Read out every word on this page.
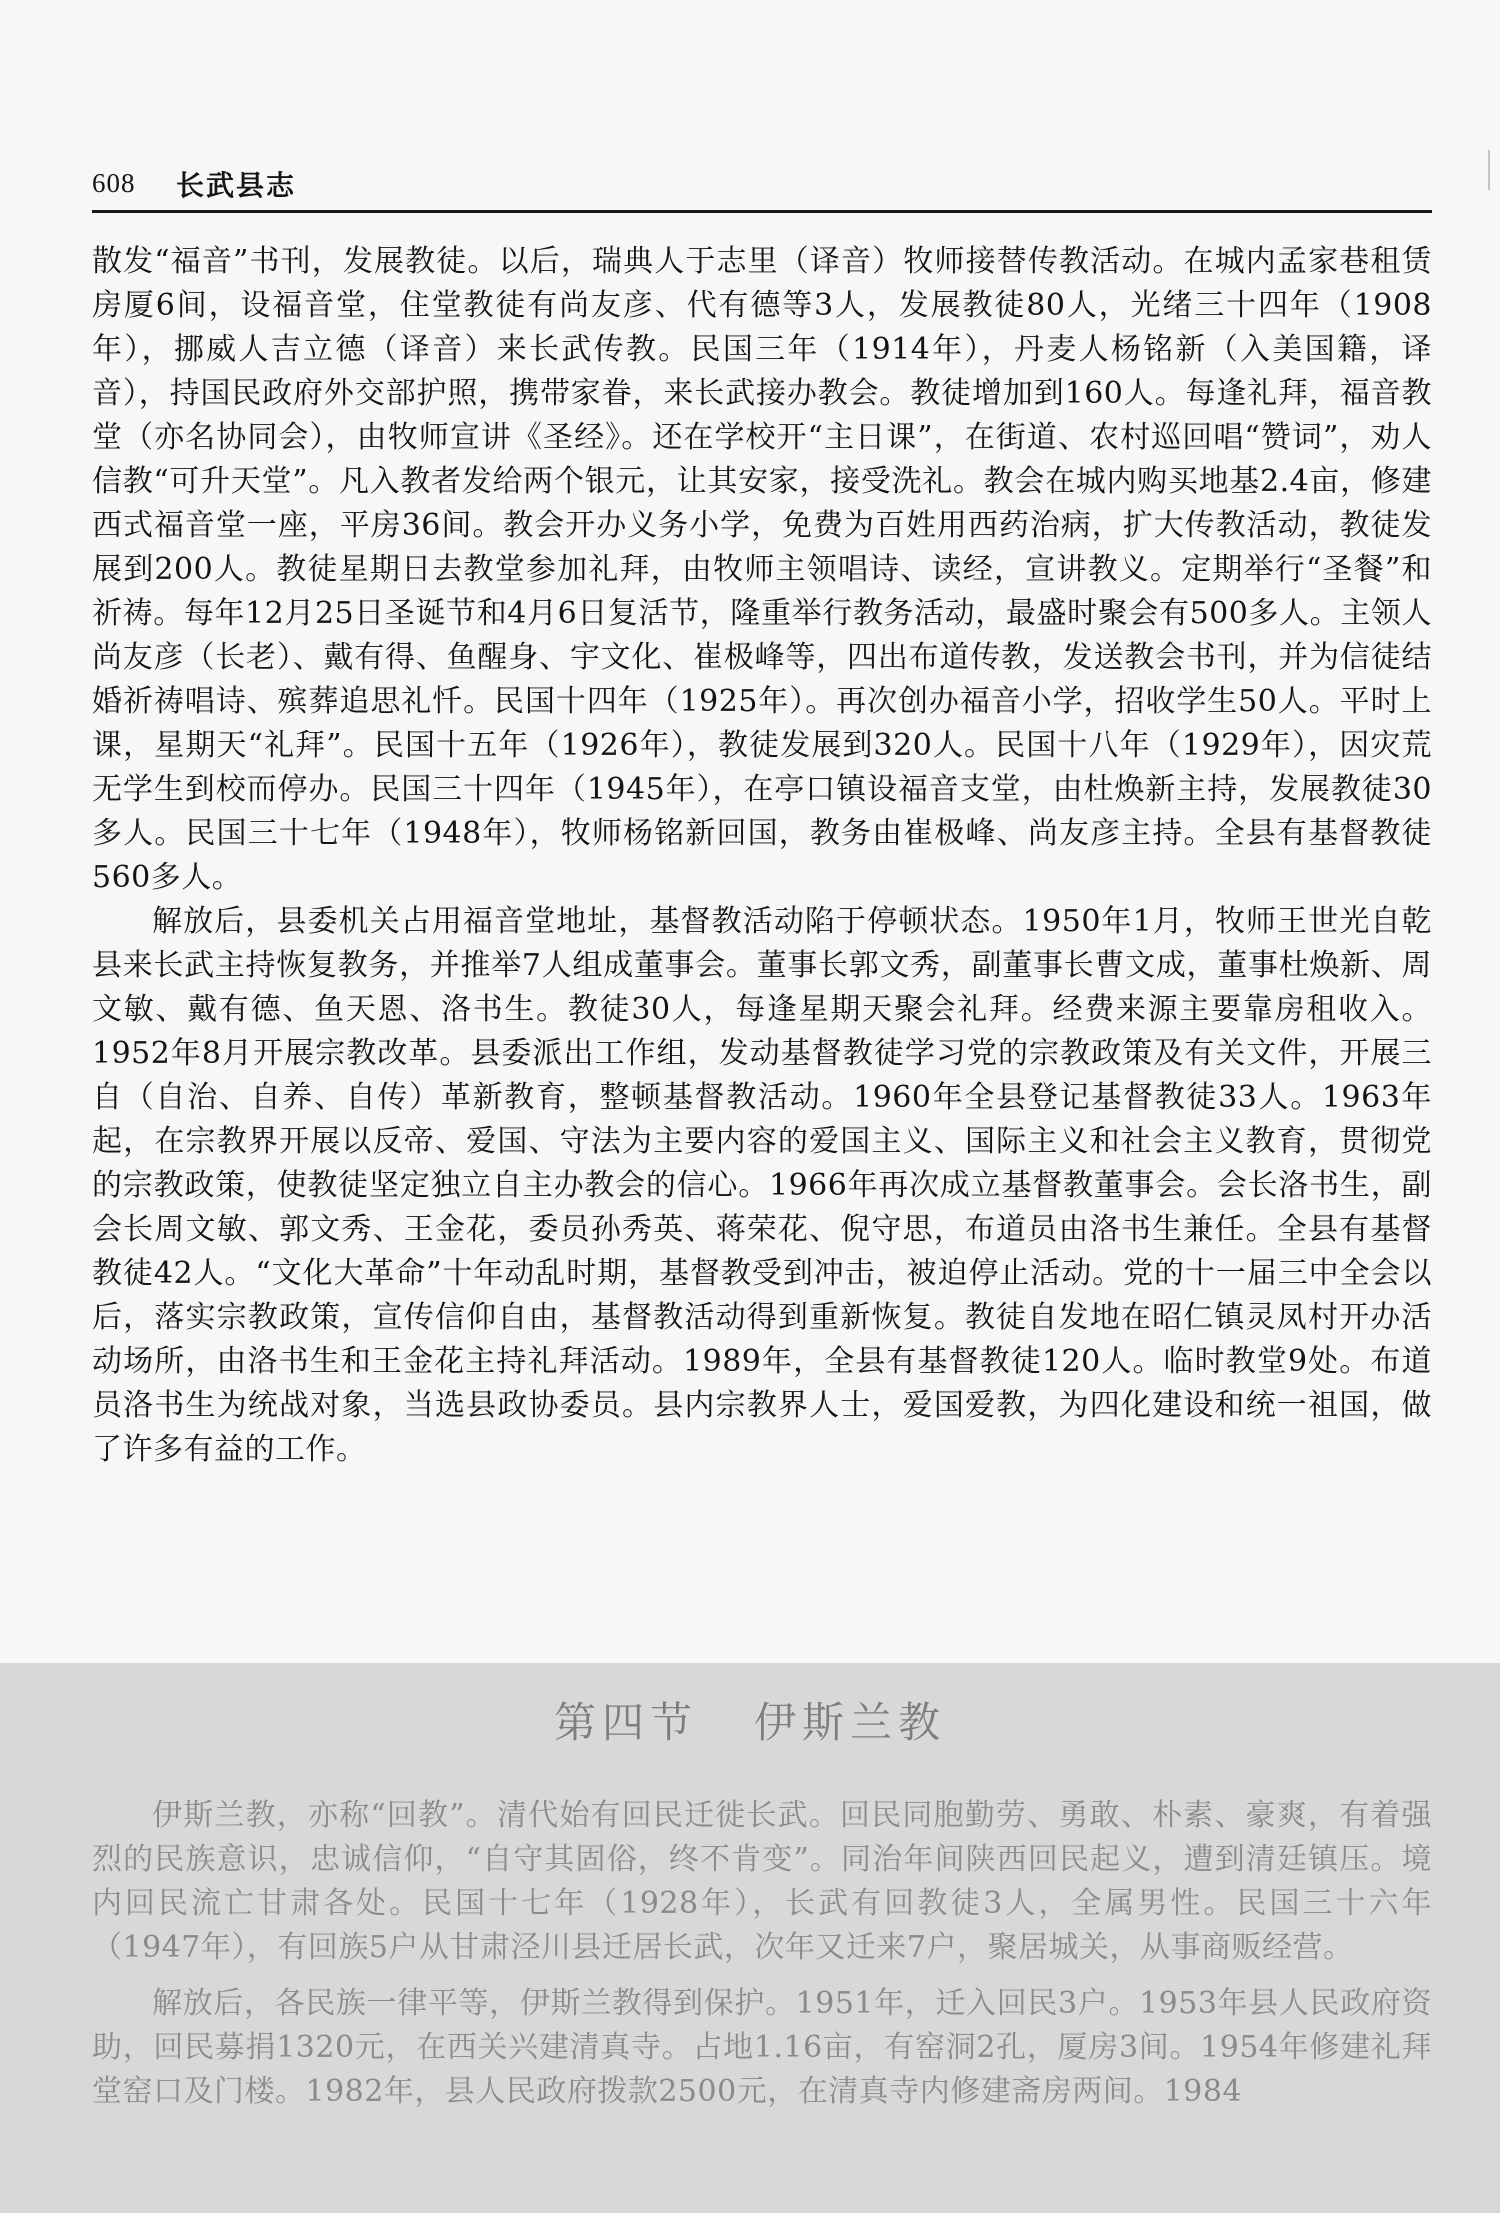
608 长武县志

散发“福音”书刊，发展教徒。以后，瑞典人于志里（译音）牧师接替传教活动。在城内孟家巷租赁房厦6间，设福音堂，住堂教徒有尚友彦、代有德等3人，发展教徒80人，光绪三十四年（1908年），挪威人吉立德（译音）来长武传教。民国三年（1914年），丹麦人杨铭新（入美国籍，译音），持国民政府外交部护照，携带家眷，来长武接办教会。教徒增加到160人。每逢礼拜，福音教堂（亦名协同会），由牧师宣讲《圣经》。还在学校开“主日课”，在街道、农村巡回唱“赞词”，劝人信教“可升天堂”。凡入教者发给两个银元，让其安家，接受洗礼。教会在城内购买地基2.4亩，修建西式福音堂一座，平房36间。教会开办义务小学，免费为百姓用西药治病，扩大传教活动，教徒发展到200人。教徒星期日去教堂参加礼拜，由牧师主领唱诗、读经，宣讲教义。定期举行“圣餐”和祈祷。每年12月25日圣诞节和4月6日复活节，隆重举行教务活动，最盛时聚会有500多人。主领人尚友彦（长老）、戴有得、鱼醒身、宇文化、崔极峰等，四出布道传教，发送教会书刊，并为信徒结婚祈祷唱诗、殡葬追思礼忏。民国十四年（1925年）。再次创办福音小学，招收学生50人。平时上课，星期天“礼拜”。民国十五年（1926年），教徒发展到320人。民国十八年（1929年），因灾荒无学生到校而停办。民国三十四年（1945年），在亭口镇设福音支堂，由杜焕新主持，发展教徒30多人。民国三十七年（1948年），牧师杨铭新回国，教务由崔极峰、尚友彦主持。全县有基督教徒560多人。

解放后，县委机关占用福音堂地址，基督教活动陷于停顿状态。1950年1月，牧师王世光自乾县来长武主持恢复教务，并推举7人组成董事会。董事长郭文秀，副董事长曹文成，董事杜焕新、周文敏、戴有德、鱼天恩、洛书生。教徒30人，每逢星期天聚会礼拜。经费来源主要靠房租收入。1952年8月开展宗教改革。县委派出工作组，发动基督教徒学习党的宗教政策及有关文件，开展三自（自治、自养、自传）革新教育，整顿基督教活动。1960年全县登记基督教徒33人。1963年起，在宗教界开展以反帝、爱国、守法为主要内容的爱国主义、国际主义和社会主义教育，贯彻党的宗教政策，使教徒坚定独立自主办教会的信心。1966年再次成立基督教董事会。会长洛书生，副会长周文敏、郭文秀、王金花，委员孙秀英、蒋荣花、倪守思，布道员由洛书生兼任。全县有基督教徒42人。“文化大革命”十年动乱时期，基督教受到冲击，被迫停止活动。党的十一届三中全会以后，落实宗教政策，宣传信仰自由，基督教活动得到重新恢复。教徒自发地在昭仁镇灵凤村开办活动场所，由洛书生和王金花主持礼拜活动。1989年，全县有基督教徒120人。临时教堂9处。布道员洛书生为统战对象，当选县政协委员。县内宗教界人士，爱国爱教，为四化建设和统一祖国，做了许多有益的工作。

第四节 伊斯兰教

伊斯兰教，亦称“回教”。清代始有回民迁徙长武。回民同胞勤劳、勇敢、朴素、豪爽，有着强烈的民族意识，忠诚信仰，“自守其固俗，终不肯变”。同治年间陕西回民起义，遭到清廷镇压。境内回民流亡甘肃各处。民国十七年（1928年），长武有回教徒3人，全属男性。民国三十六年（1947年），有回族5户从甘肃泾川县迁居长武，次年又迁来7户，聚居城关，从事商贩经营。

解放后，各民族一律平等，伊斯兰教得到保护。1951年，迁入回民3户。1953年县人民政府资助，回民募捐1320元，在西关兴建清真寺。占地1.16亩，有窑洞2孔，厦房3间。1954年修建礼拜堂窑口及门楼。1982年，县人民政府拨款2500元，在清真寺内修建斋房两间。1984
